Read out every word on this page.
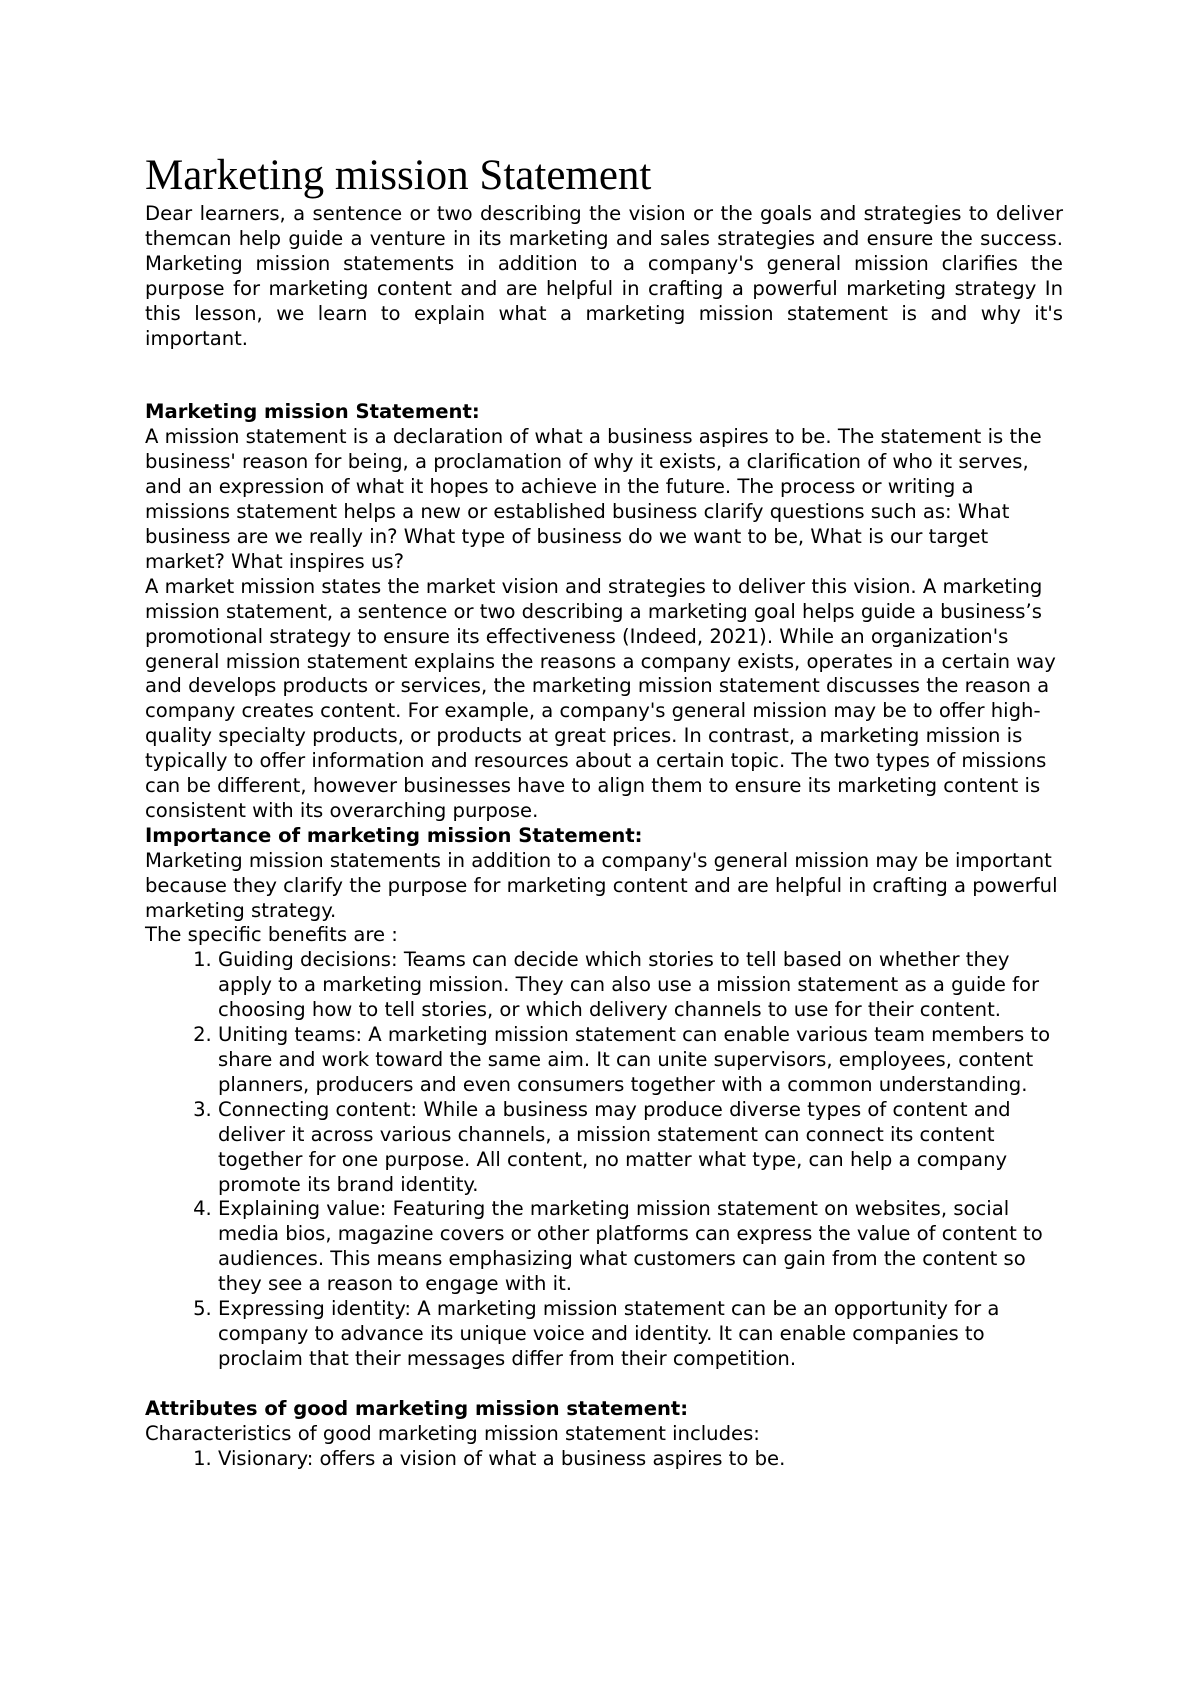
Marketing mission Statement

Dear learners, a sentence or two describing the vision or the goals and strategies to deliver themcan help guide a venture in its marketing and sales strategies and ensure the success. Marketing mission statements in addition to a company's general mission clarifies the purpose for marketing content and are helpful in crafting a powerful marketing strategy In this lesson, we learn to explain what a marketing mission statement is and why it's important.

Marketing mission Statement:

A mission statement is a declaration of what a business aspires to be. The statement is the business' reason for being, a proclamation of why it exists, a clarification of who it serves, and an expression of what it hopes to achieve in the future. The process or writing a missions statement helps a new or established business clarify questions such as: What business are we really in? What type of business do we want to be, What is our target market? What inspires us?

A market mission states the market vision and strategies to deliver this vision. A marketing mission statement, a sentence or two describing a marketing goal helps guide a business’s promotional strategy to ensure its effectiveness (Indeed, 2021). While an organization's general mission statement explains the reasons a company exists, operates in a certain way and develops products or services, the marketing mission statement discusses the reason a company creates content. For example, a company's general mission may be to offer high-quality specialty products, or products at great prices. In contrast, a marketing mission is typically to offer information and resources about a certain topic. The two types of missions can be different, however businesses have to align them to ensure its marketing content is consistent with its overarching purpose.

Importance of marketing mission Statement:

Marketing mission statements in addition to a company's general mission may be important because they clarify the purpose for marketing content and are helpful in crafting a powerful marketing strategy.

The specific benefits are :

1. Guiding decisions: Teams can decide which stories to tell based on whether they apply to a marketing mission. They can also use a mission statement as a guide for choosing how to tell stories, or which delivery channels to use for their content.
2. Uniting teams: A marketing mission statement can enable various team members to share and work toward the same aim. It can unite supervisors, employees, content planners, producers and even consumers together with a common understanding.
3. Connecting content: While a business may produce diverse types of content and deliver it across various channels, a mission statement can connect its content together for one purpose. All content, no matter what type, can help a company promote its brand identity.
4. Explaining value: Featuring the marketing mission statement on websites, social media bios, magazine covers or other platforms can express the value of content to audiences. This means emphasizing what customers can gain from the content so they see a reason to engage with it.
5. Expressing identity: A marketing mission statement can be an opportunity for a company to advance its unique voice and identity. It can enable companies to proclaim that their messages differ from their competition.

Attributes of good marketing mission statement:

Characteristics of good marketing mission statement includes:

1. Visionary: offers a vision of what a business aspires to be.
